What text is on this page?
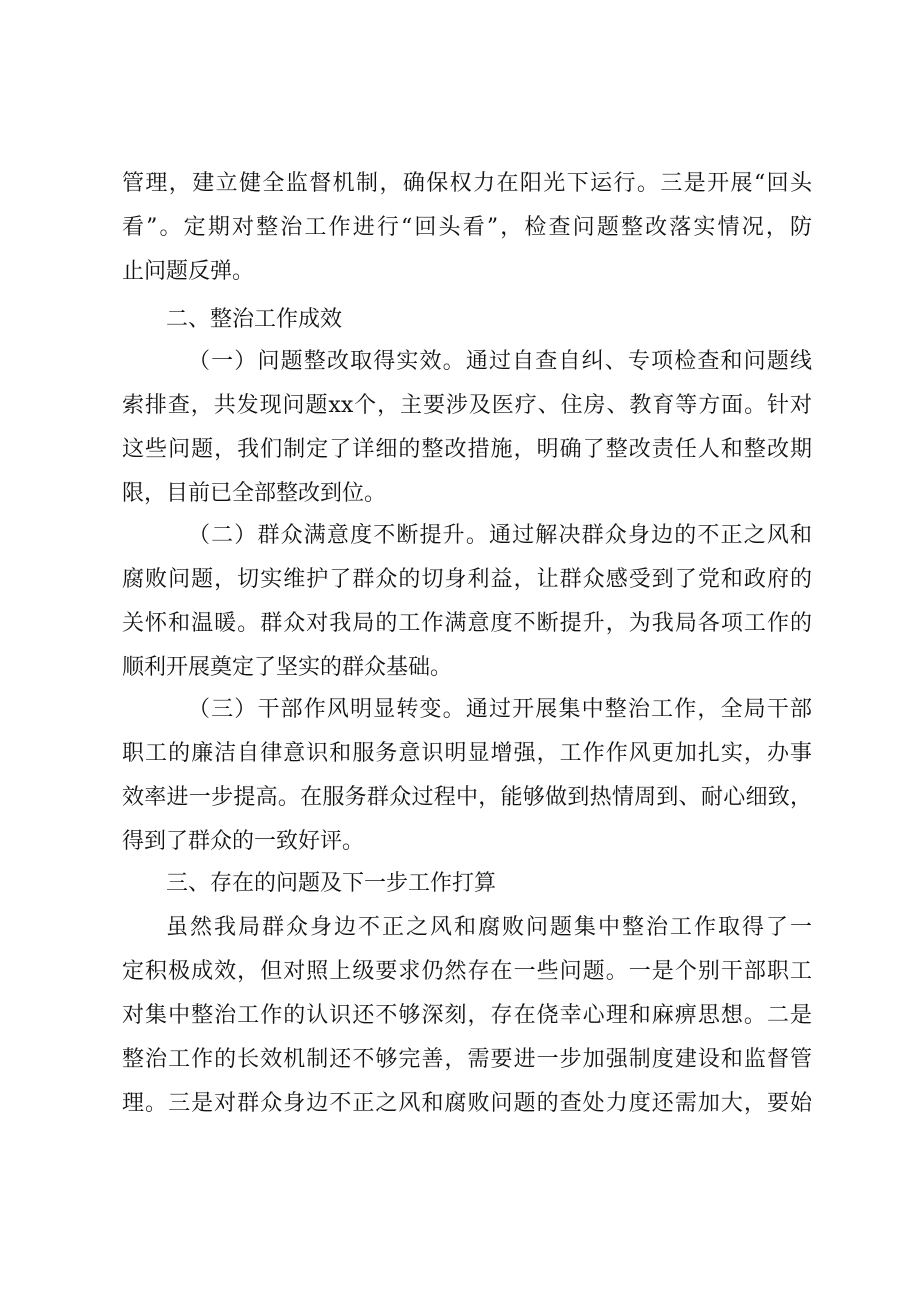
管理，建立健全监督机制，确保权力在阳光下运行。三是开展“回头

看”。定期对整治工作进行“回头看”，检查问题整改落实情况，防

止问题反弹。

二、整治工作成效

（一）问题整改取得实效。通过自查自纠、专项检查和问题线

索排查，共发现问题xx个，主要涉及医疗、住房、教育等方面。针对

这些问题，我们制定了详细的整改措施，明确了整改责任人和整改期

限，目前已全部整改到位。

（二）群众满意度不断提升。通过解决群众身边的不正之风和

腐败问题，切实维护了群众的切身利益，让群众感受到了党和政府的

关怀和温暖。群众对我局的工作满意度不断提升，为我局各项工作的

顺利开展奠定了坚实的群众基础。

（三）干部作风明显转变。通过开展集中整治工作，全局干部

职工的廉洁自律意识和服务意识明显增强，工作作风更加扎实，办事

效率进一步提高。在服务群众过程中，能够做到热情周到、耐心细致，

得到了群众的一致好评。

三、存在的问题及下一步工作打算

虽然我局群众身边不正之风和腐败问题集中整治工作取得了一

定积极成效，但对照上级要求仍然存在一些问题。一是个别干部职工

对集中整治工作的认识还不够深刻，存在侥幸心理和麻痹思想。二是

整治工作的长效机制还不够完善，需要进一步加强制度建设和监督管

理。三是对群众身边不正之风和腐败问题的查处力度还需加大，要始
